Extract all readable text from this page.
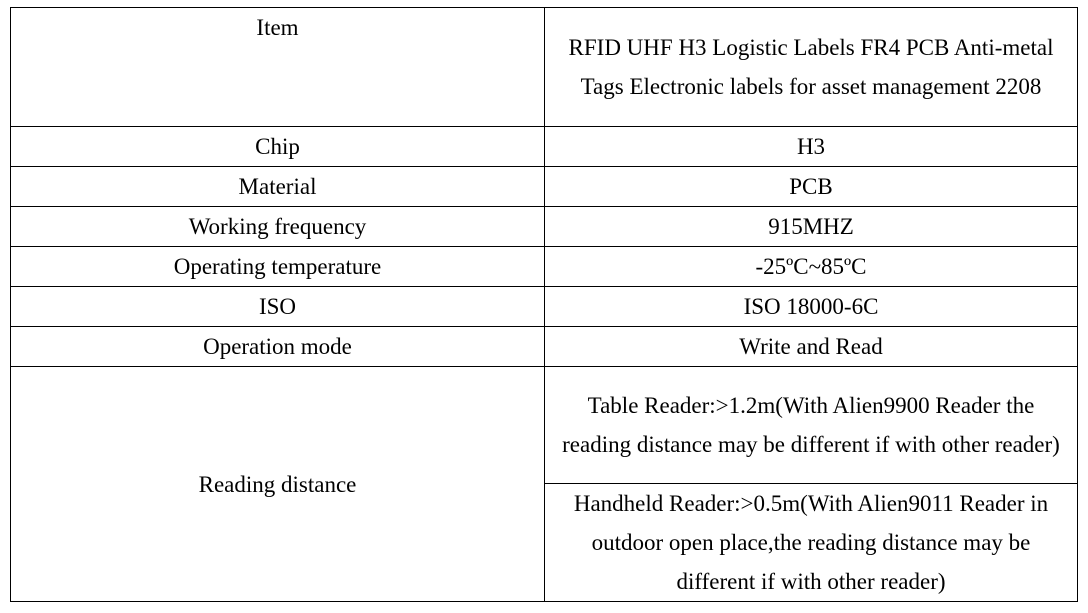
Item	RFID UHF H3 Logistic Labels FR4 PCB Anti-metal Tags Electronic labels for asset management 2208
Chip	H3
Material	PCB
Working frequency	915MHZ
Operating temperature	-25ºC~85ºC
ISO	ISO 18000-6C
Operation mode	Write and Read
Reading distance	Table Reader:>1.2m(With Alien9900 Reader the reading distance may be different if with other reader)
	Handheld Reader:>0.5m(With Alien9011 Reader in outdoor open place,the reading distance may be different if with other reader)
